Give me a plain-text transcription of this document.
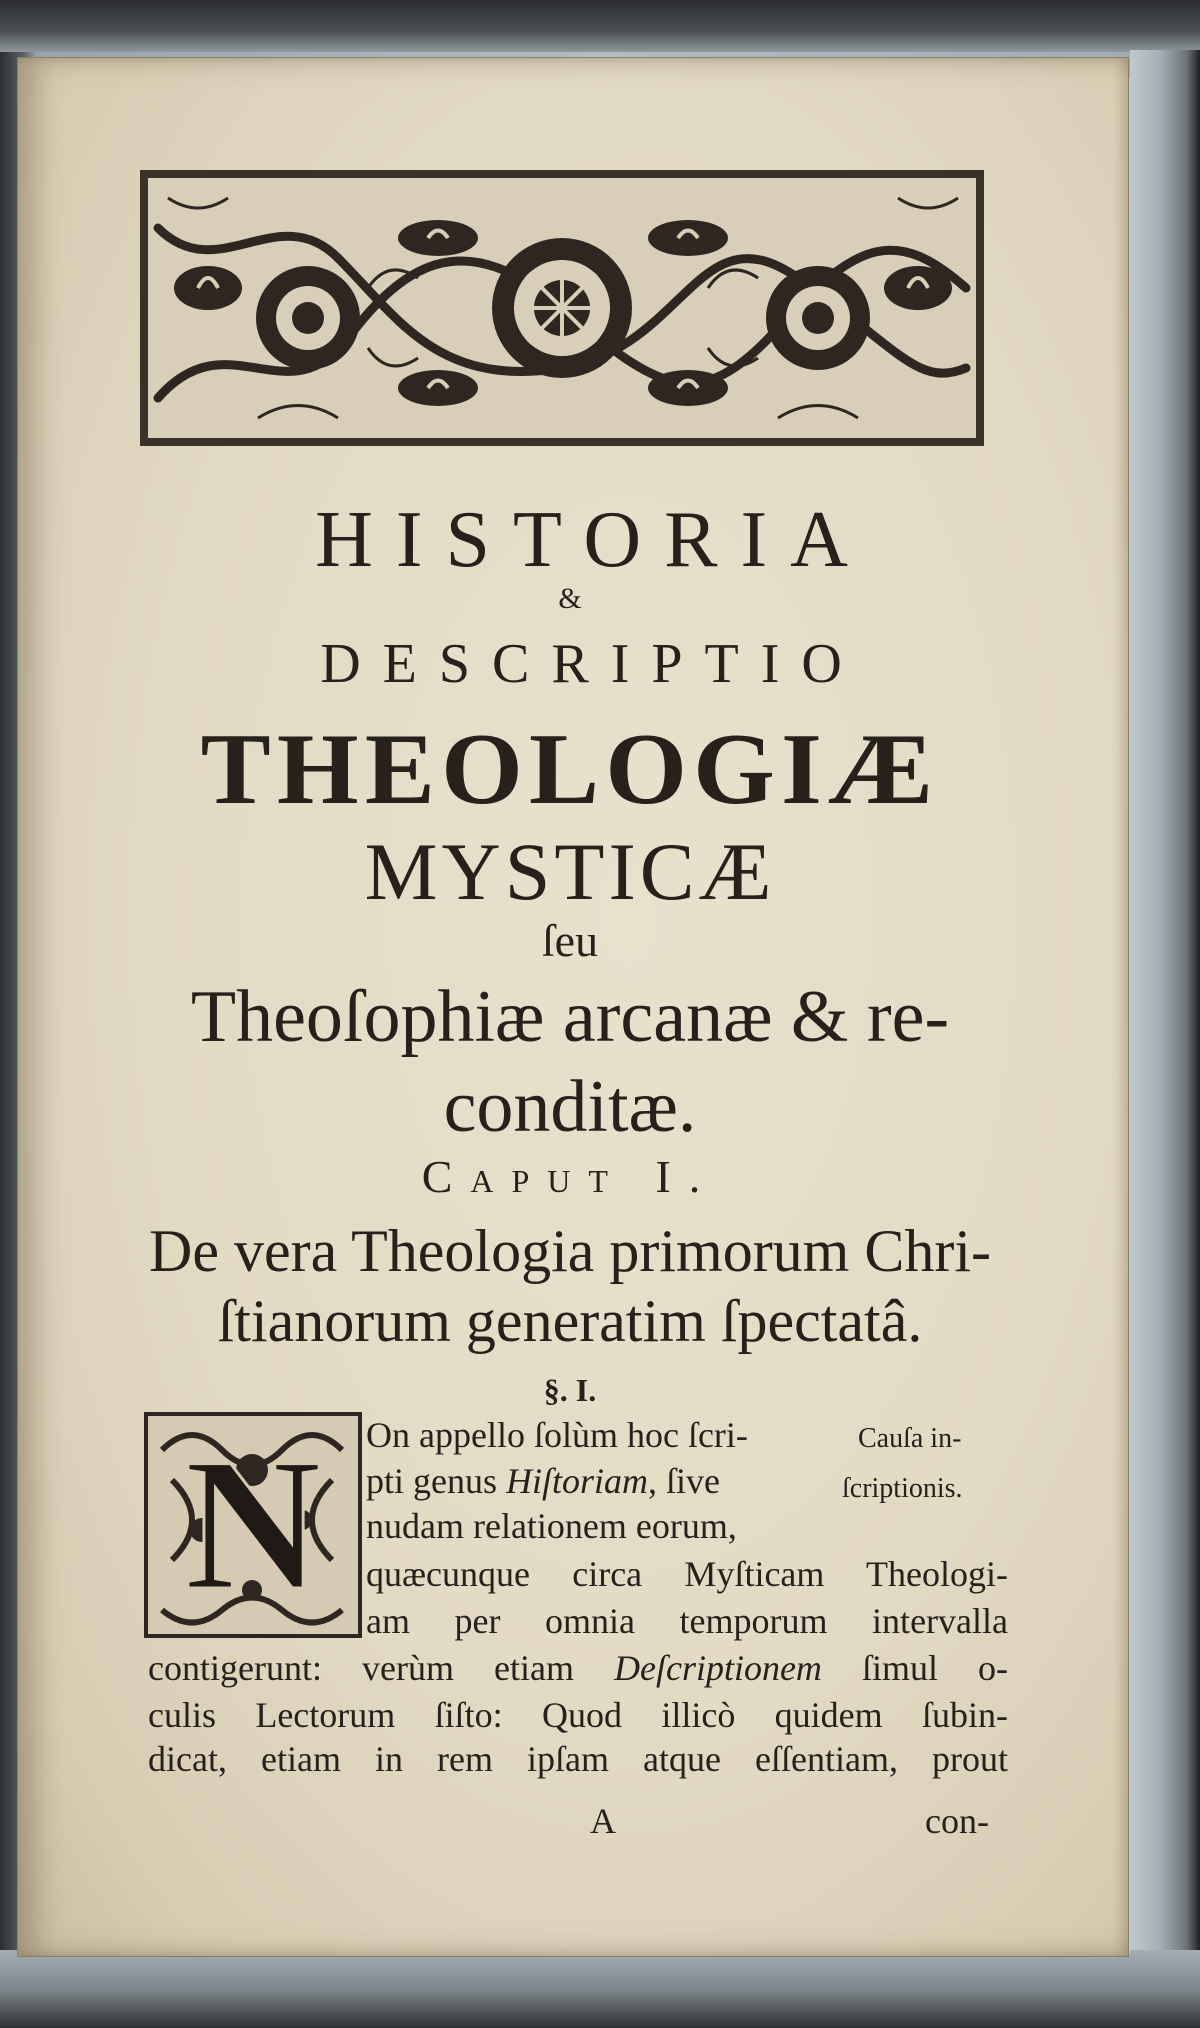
HISTORIA
&
DESCRIPTIO
THEOLOGIÆ
MYSTICÆ
ſeu
Theoſophiæ arcanæ & re-
conditæ.
Caput I.
De vera Theologia primorum Chri-
ſtianorum generatim ſpectatâ.
§. I.
N On appello ſolùm hoc ſcri-
pti genus Hiſtoriam, ſive
nudam relationem eorum,
quæcunque circa Myſticam Theologi-
am per omnia temporum intervalla
contigerunt: verùm etiam Deſcriptionem ſimul o-
culis Lectorum ſiſto: Quod illicò quidem ſubin-
dicat, etiam in rem ipſam atque eſſentiam, prout
Cauſa in-
ſcriptionis.
A	con-
